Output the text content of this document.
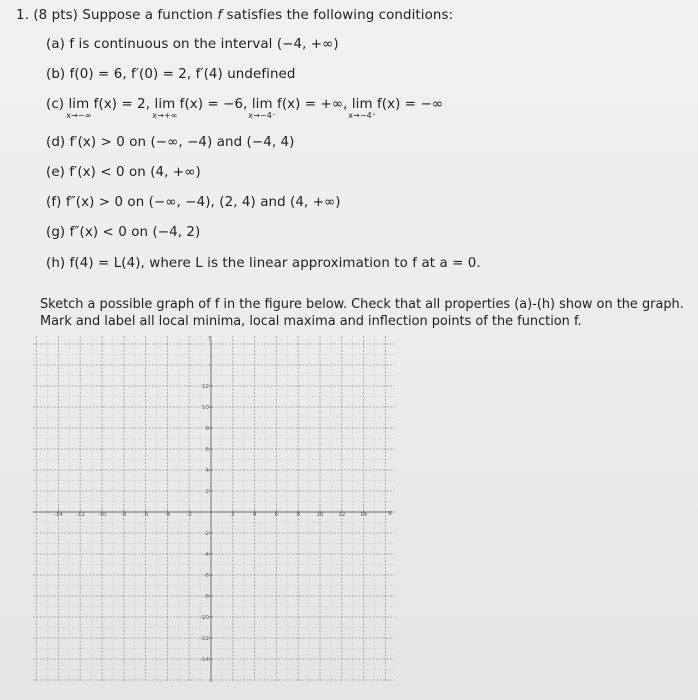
1. (8 pts) Suppose a function f satisfies the following conditions:
(a) f is continuous on the interval (−4, +∞)
(b) f(0) = 6, f′(0) = 2, f′(4) undefined
(c) lim
x→−∞
f(x) = 2, lim
x→+∞
f(x) = −6, lim
x→−4⁻
f(x) = +∞, lim
x→−4⁺
f(x) = −∞
(d) f′(x) > 0 on (−∞, −4) and (−4, 4)
(e) f′(x) < 0 on (4, +∞)
(f) f″(x) > 0 on (−∞, −4), (2, 4) and (4, +∞)
(g) f″(x) < 0 on (−4, 2)
(h) f(4) = L(4), where L is the linear approximation to f at a = 0.
Sketch a possible graph of f in the figure below. Check that all properties (a)-(h) show on the graph.
Mark and label all local minima, local maxima and inflection points of the function f.
x
y
-14 -12 -10	-8	-6	-4	-2	2	4	6	8	10	12	14
12
10
8
6
4
2
-2
-4
-6
-8
-10
-12
-14
